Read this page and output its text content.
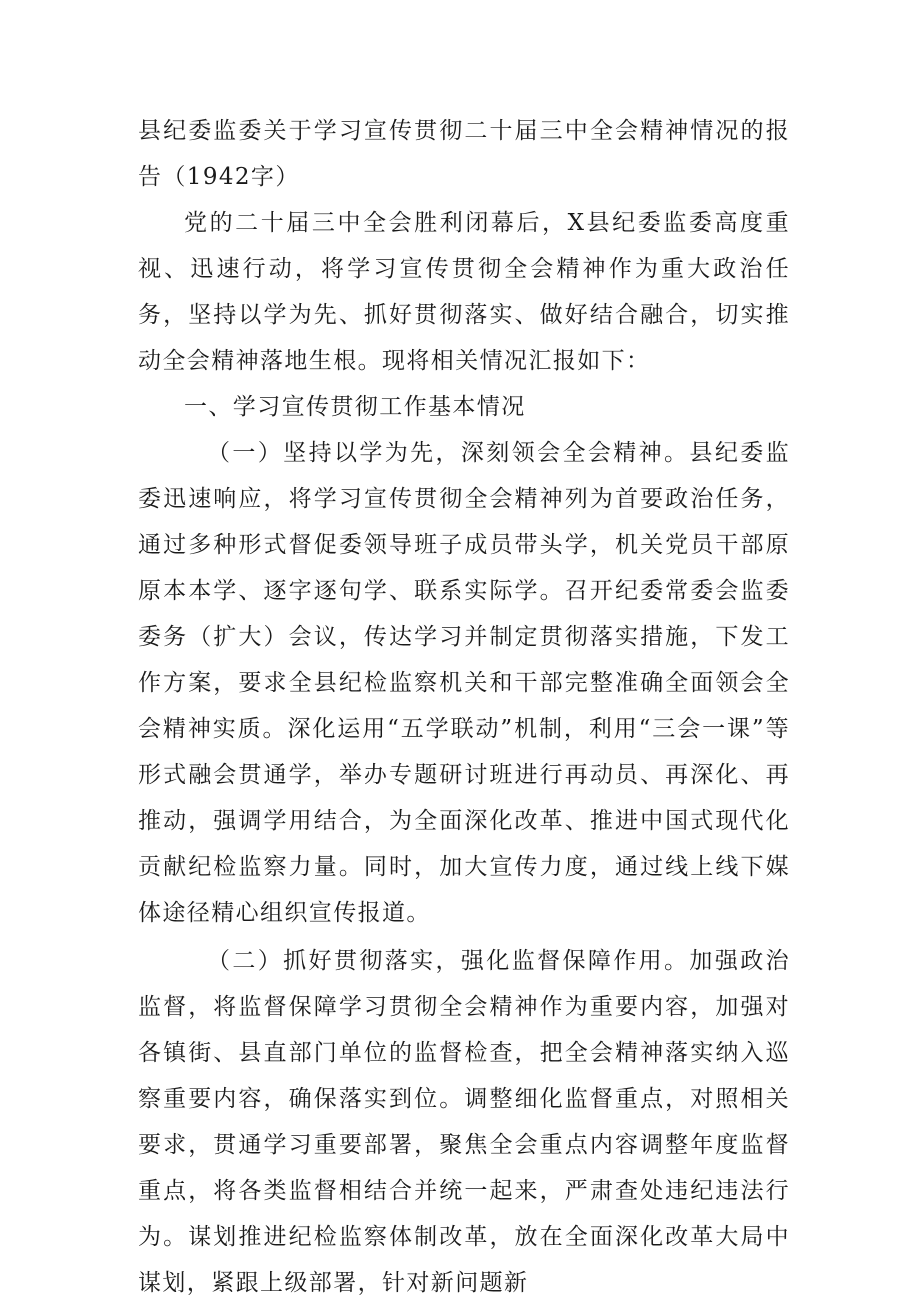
县纪委监委关于学习宣传贯彻二十届三中全会精神情况的报告（1942字）

党的二十届三中全会胜利闭幕后，X县纪委监委高度重视、迅速行动，将学习宣传贯彻全会精神作为重大政治任务，坚持以学为先、抓好贯彻落实、做好结合融合，切实推动全会精神落地生根。现将相关情况汇报如下：

一、学习宣传贯彻工作基本情况

（一）坚持以学为先，深刻领会全会精神。县纪委监委迅速响应，将学习宣传贯彻全会精神列为首要政治任务，通过多种形式督促委领导班子成员带头学，机关党员干部原原本本学、逐字逐句学、联系实际学。召开纪委常委会监委委务（扩大）会议，传达学习并制定贯彻落实措施，下发工作方案，要求全县纪检监察机关和干部完整准确全面领会全会精神实质。深化运用“五学联动”机制，利用“三会一课”等形式融会贯通学，举办专题研讨班进行再动员、再深化、再推动，强调学用结合，为全面深化改革、推进中国式现代化贡献纪检监察力量。同时，加大宣传力度，通过线上线下媒体途径精心组织宣传报道。

（二）抓好贯彻落实，强化监督保障作用。加强政治监督，将监督保障学习贯彻全会精神作为重要内容，加强对各镇街、县直部门单位的监督检查，把全会精神落实纳入巡察重要内容，确保落实到位。调整细化监督重点，对照相关要求，贯通学习重要部署，聚焦全会重点内容调整年度监督重点，将各类监督相结合并统一起来，严肃查处违纪违法行为。谋划推进纪检监察体制改革，放在全面深化改革大局中谋划，紧跟上级部署，针对新问题新
